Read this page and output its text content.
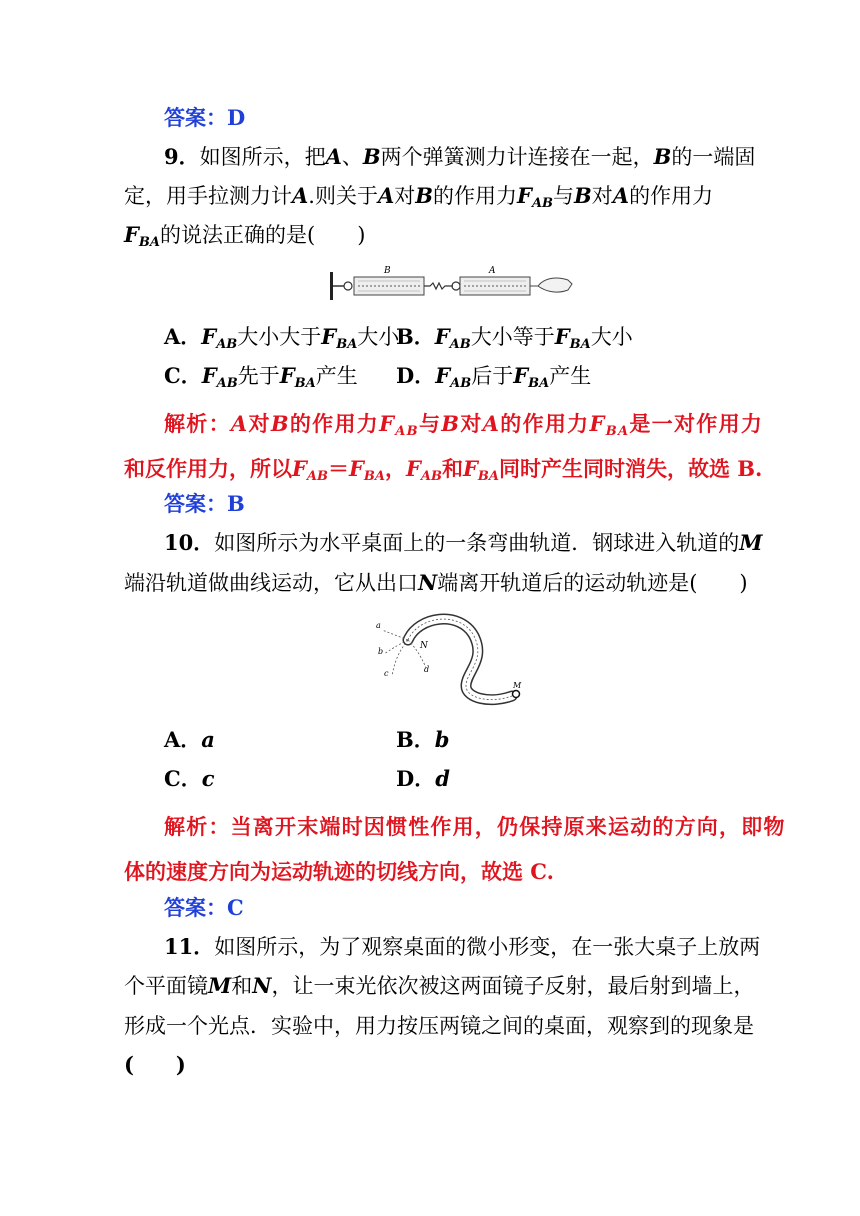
答案：D
9．如图所示，把A、B两个弹簧测力计连接在一起，B的一端固
定，用手拉测力计A.则关于A对B的作用力$F_{AB}$与B对A的作用力
$F_{BA}$的说法正确的是(　　)
B	A
A．$F_{AB}$大小大于$F_{BA}$大小
B．$F_{AB}$大小等于$F_{BA}$大小
C．$F_{AB}$先于$F_{BA}$产生 D．$F_{AB}$后于$F_{BA}$产生
解析：A对B的作用力$F_{AB}$与B对A的作用力$F_{BA}$是一对作用力
和反作用力，所以$F_{AB}=F_{BA}$，$F_{AB}$和$F_{BA}$同时产生同时消失，故选 B.
答案：B
10．如图所示为水平桌面上的一条弯曲轨道．钢球进入轨道的M
端沿轨道做曲线运动，它从出口N端离开轨道后的运动轨迹是(　　)
M
N
a
b
c	d
A．a	B．b
C．c	D．d
解析：当离开末端时因惯性作用，仍保持原来运动的方向，即物
体的速度方向为运动轨迹的切线方向，故选 C.
答案：C
11．如图所示，为了观察桌面的微小形变，在一张大桌子上放两
个平面镜M和N，让一束光依次被这两面镜子反射，最后射到墙上，
形成一个光点．实验中，用力按压两镜之间的桌面，观察到的现象是
(　　)
